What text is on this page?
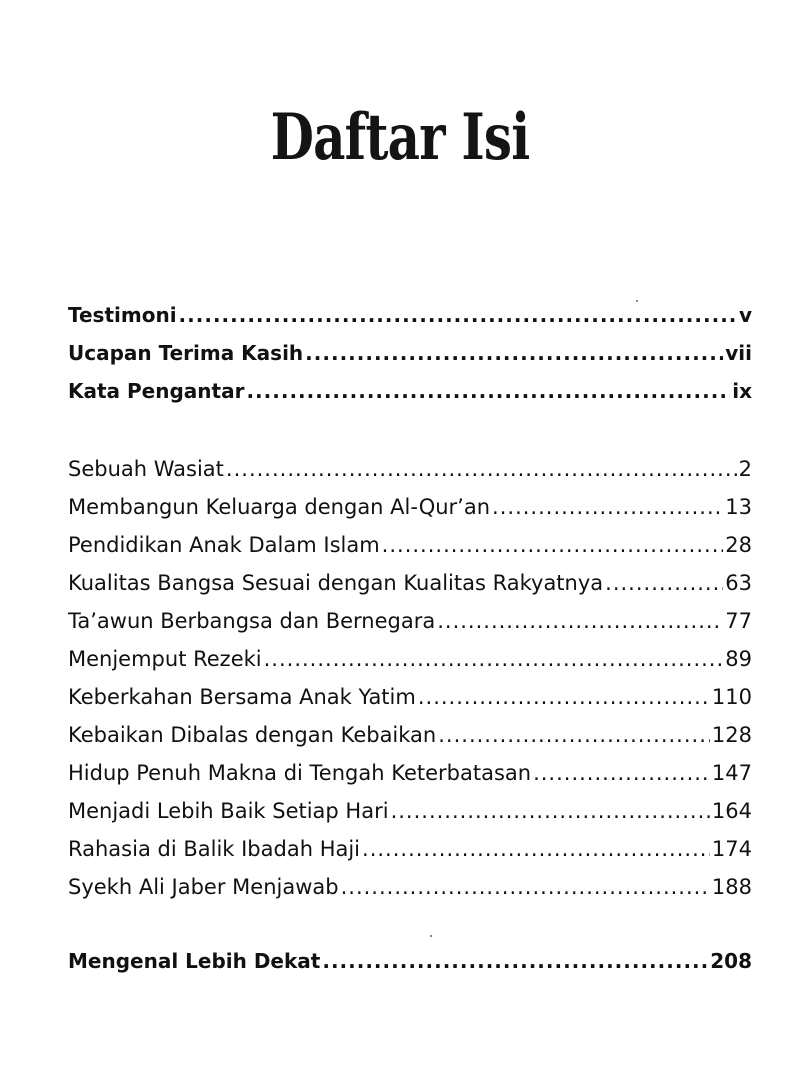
Daftar Isi
Testimoni .....	v
Ucapan Terima Kasih .....	vii
Kata Pengantar .....	ix
Sebuah Wasiat .....	2
Membangun Keluarga dengan Al-Qur’an .....	13
Pendidikan Anak Dalam Islam .....	28
Kualitas Bangsa Sesuai dengan Kualitas Rakyatnya .....	63
Ta’awun Berbangsa dan Bernegara .....	77
Menjemput Rezeki .....	89
Keberkahan Bersama Anak Yatim .....	110
Kebaikan Dibalas dengan Kebaikan .....	128
Hidup Penuh Makna di Tengah Keterbatasan .....	147
Menjadi Lebih Baik Setiap Hari .....	164
Rahasia di Balik Ibadah Haji .....	174
Syekh Ali Jaber Menjawab .....	188
Mengenal Lebih Dekat .....	208
